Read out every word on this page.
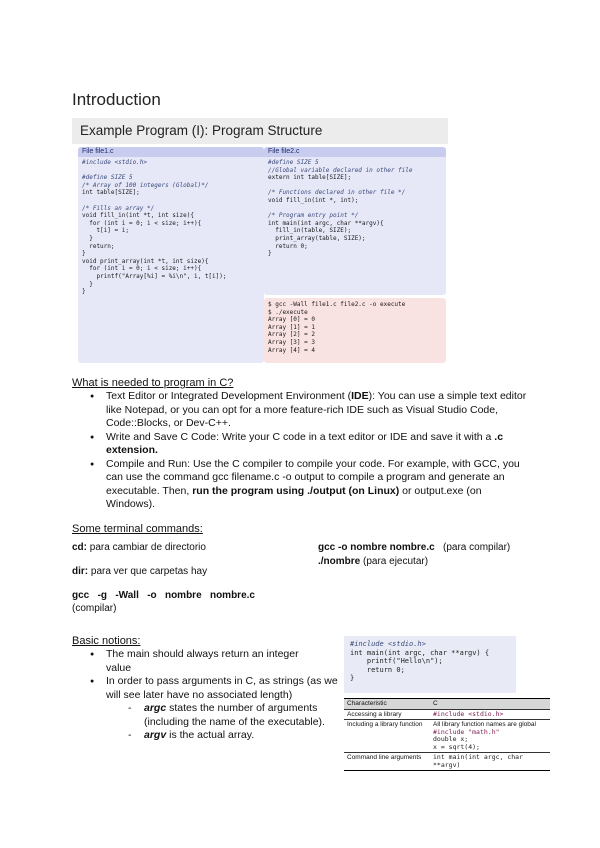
Introduction
Example Program (I): Program Structure
File file1.c
#include <stdio.h>

#define SIZE 5
/* Array of 100 integers (Global)*/
int table[SIZE];

/* Fills an array */
void fill_in(int *t, int size){
for (int i = 0; i < size; i++){
t[i] = i;
}
return;
}
void print_array(int *t, int size){
for (int i = 0; i < size; i++){
printf("Array[%i] = %i\n", i, t[i]);
}
}
File file2.c
#define SIZE 5
//Global variable declared in other file
extern int table[SIZE];

/* Functions declared in other file */
void fill_in(int *, int);

/* Program entry point */
int main(int argc, char **argv){
fill_in(table, SIZE);
print_array(table, SIZE);
return 0;
}
$ gcc -Wall file1.c file2.c -o execute
$ ./execute
Array [0] = 0
Array [1] = 1
Array [2] = 2
Array [3] = 3
Array [4] = 4
What is needed to program in C?
● Text Editor or Integrated Development Environment (IDE): You can use a simple text editor like Notepad, or you can opt for a more feature-rich IDE such as Visual Studio Code, Code::Blocks, or Dev-C++.
● Write and Save C Code: Write your C code in a text editor or IDE and save it with a .c extension.
● Compile and Run: Use the C compiler to compile your code. For example, with GCC, you can use the command gcc filename.c -o output to compile a program and generate an executable. Then, run the program using ./output (on Linux) or output.exe (on Windows).
Some terminal commands:
cd: para cambiar de directorio
dir: para ver que carpetas hay
gcc   -g   -Wall   -o   nombre   nombre.c
(compilar)
gcc -o nombre nombre.c   (para compilar)
./nombre (para ejecutar)
Basic notions:
● The main should always return an integer value
● In order to pass arguments in C, as strings (as we will see later have no associated length)
- argc states the number of arguments (including the name of the executable).
- argv is the actual array.
#include <stdio.h>
int main(int argc, char **argv) {
printf("Hello\n");
return 0;
}
Characteristic	C
Accessing a library	#include <stdio.h>
Including a library function	All library function names are global
#include "math.h"
double x;
x = sqrt(4);

Command line arguments	int main(int argc, char **argv)
